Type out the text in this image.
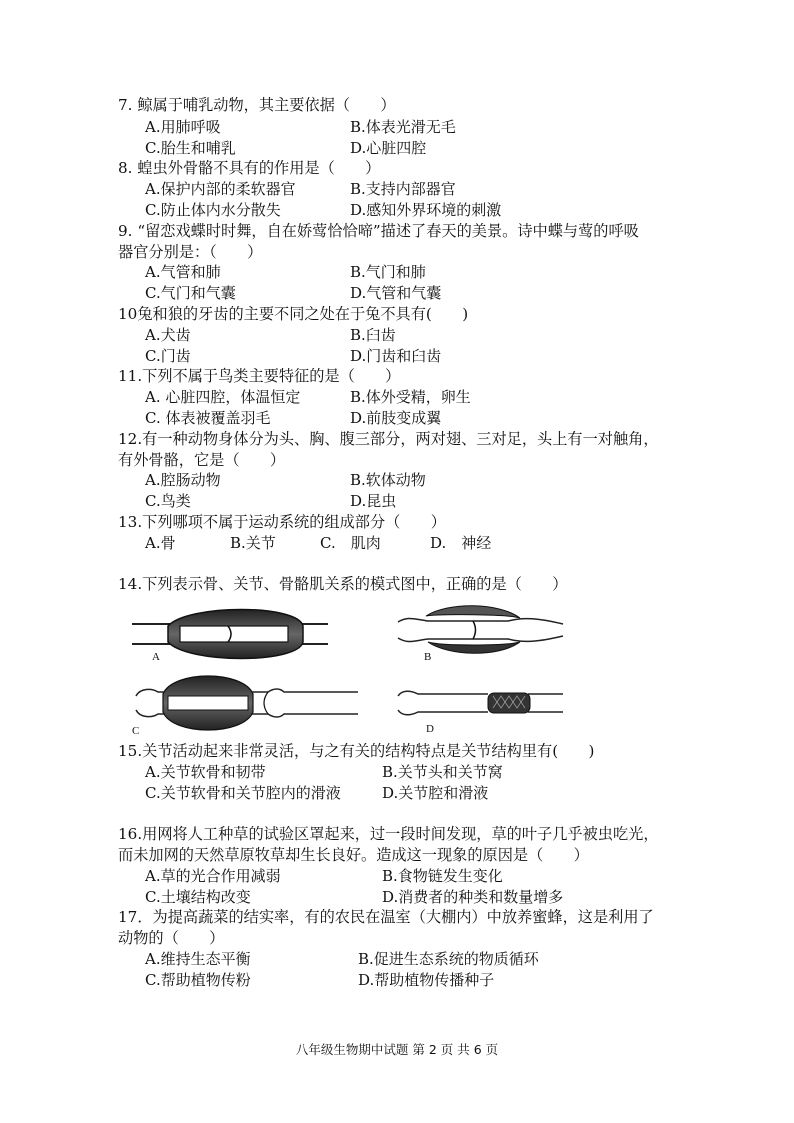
7. 鲸属于哺乳动物，其主要依据（　　）
A.用肺呼吸	B.体表光滑无毛
C.胎生和哺乳	D.心脏四腔
8. 蝗虫外骨骼不具有的作用是（　　）
A.保护内部的柔软器官	B.支持内部器官
C.防止体内水分散失	D.感知外界环境的刺激
9. “留恋戏蝶时时舞，自在娇莺恰恰啼”描述了春天的美景。诗中蝶与莺的呼吸
器官分别是：（　　）
A.气管和肺	B.气门和肺
C.气门和气囊	D.气管和气囊
10兔和狼的牙齿的主要不同之处在于兔不具有(　　)
A.犬齿	B.臼齿
C.门齿	D.门齿和臼齿
11.下列不属于鸟类主要特征的是（　　）
A. 心脏四腔，体温恒定	B.体外受精，卵生
C. 体表被覆盖羽毛	D.前肢变成翼
12.有一种动物身体分为头、胸、腹三部分，两对翅、三对足，头上有一对触角，
有外骨骼，它是（　　）
A.腔肠动物	B.软体动物
C.鸟类	D.昆虫
13.下列哪项不属于运动系统的组成部分（　　）
A.骨	B.关节	C.　肌肉	D.　神经
14.下列表示骨、关节、骨骼肌关系的模式图中，正确的是（　　）
A	B
C	D
15.关节活动起来非常灵活，与之有关的结构特点是关节结构里有(　　)
A.关节软骨和韧带	B.关节头和关节窝
C.关节软骨和关节腔内的滑液	D.关节腔和滑液
16.用网将人工种草的试验区罩起来，过一段时间发现，草的叶子几乎被虫吃光，
而未加网的天然草原牧草却生长良好。造成这一现象的原因是（　　）
A.草的光合作用减弱	B.食物链发生变化
C.土壤结构改变	D.消费者的种类和数量增多
17．为提高蔬菜的结实率，有的农民在温室（大棚内）中放养蜜蜂，这是利用了
动物的（　　）
A.维持生态平衡	B.促进生态系统的物质循环
C.帮助植物传粉	D.帮助植物传播种子
八年级生物期中试题 第 2 页 共 6 页
